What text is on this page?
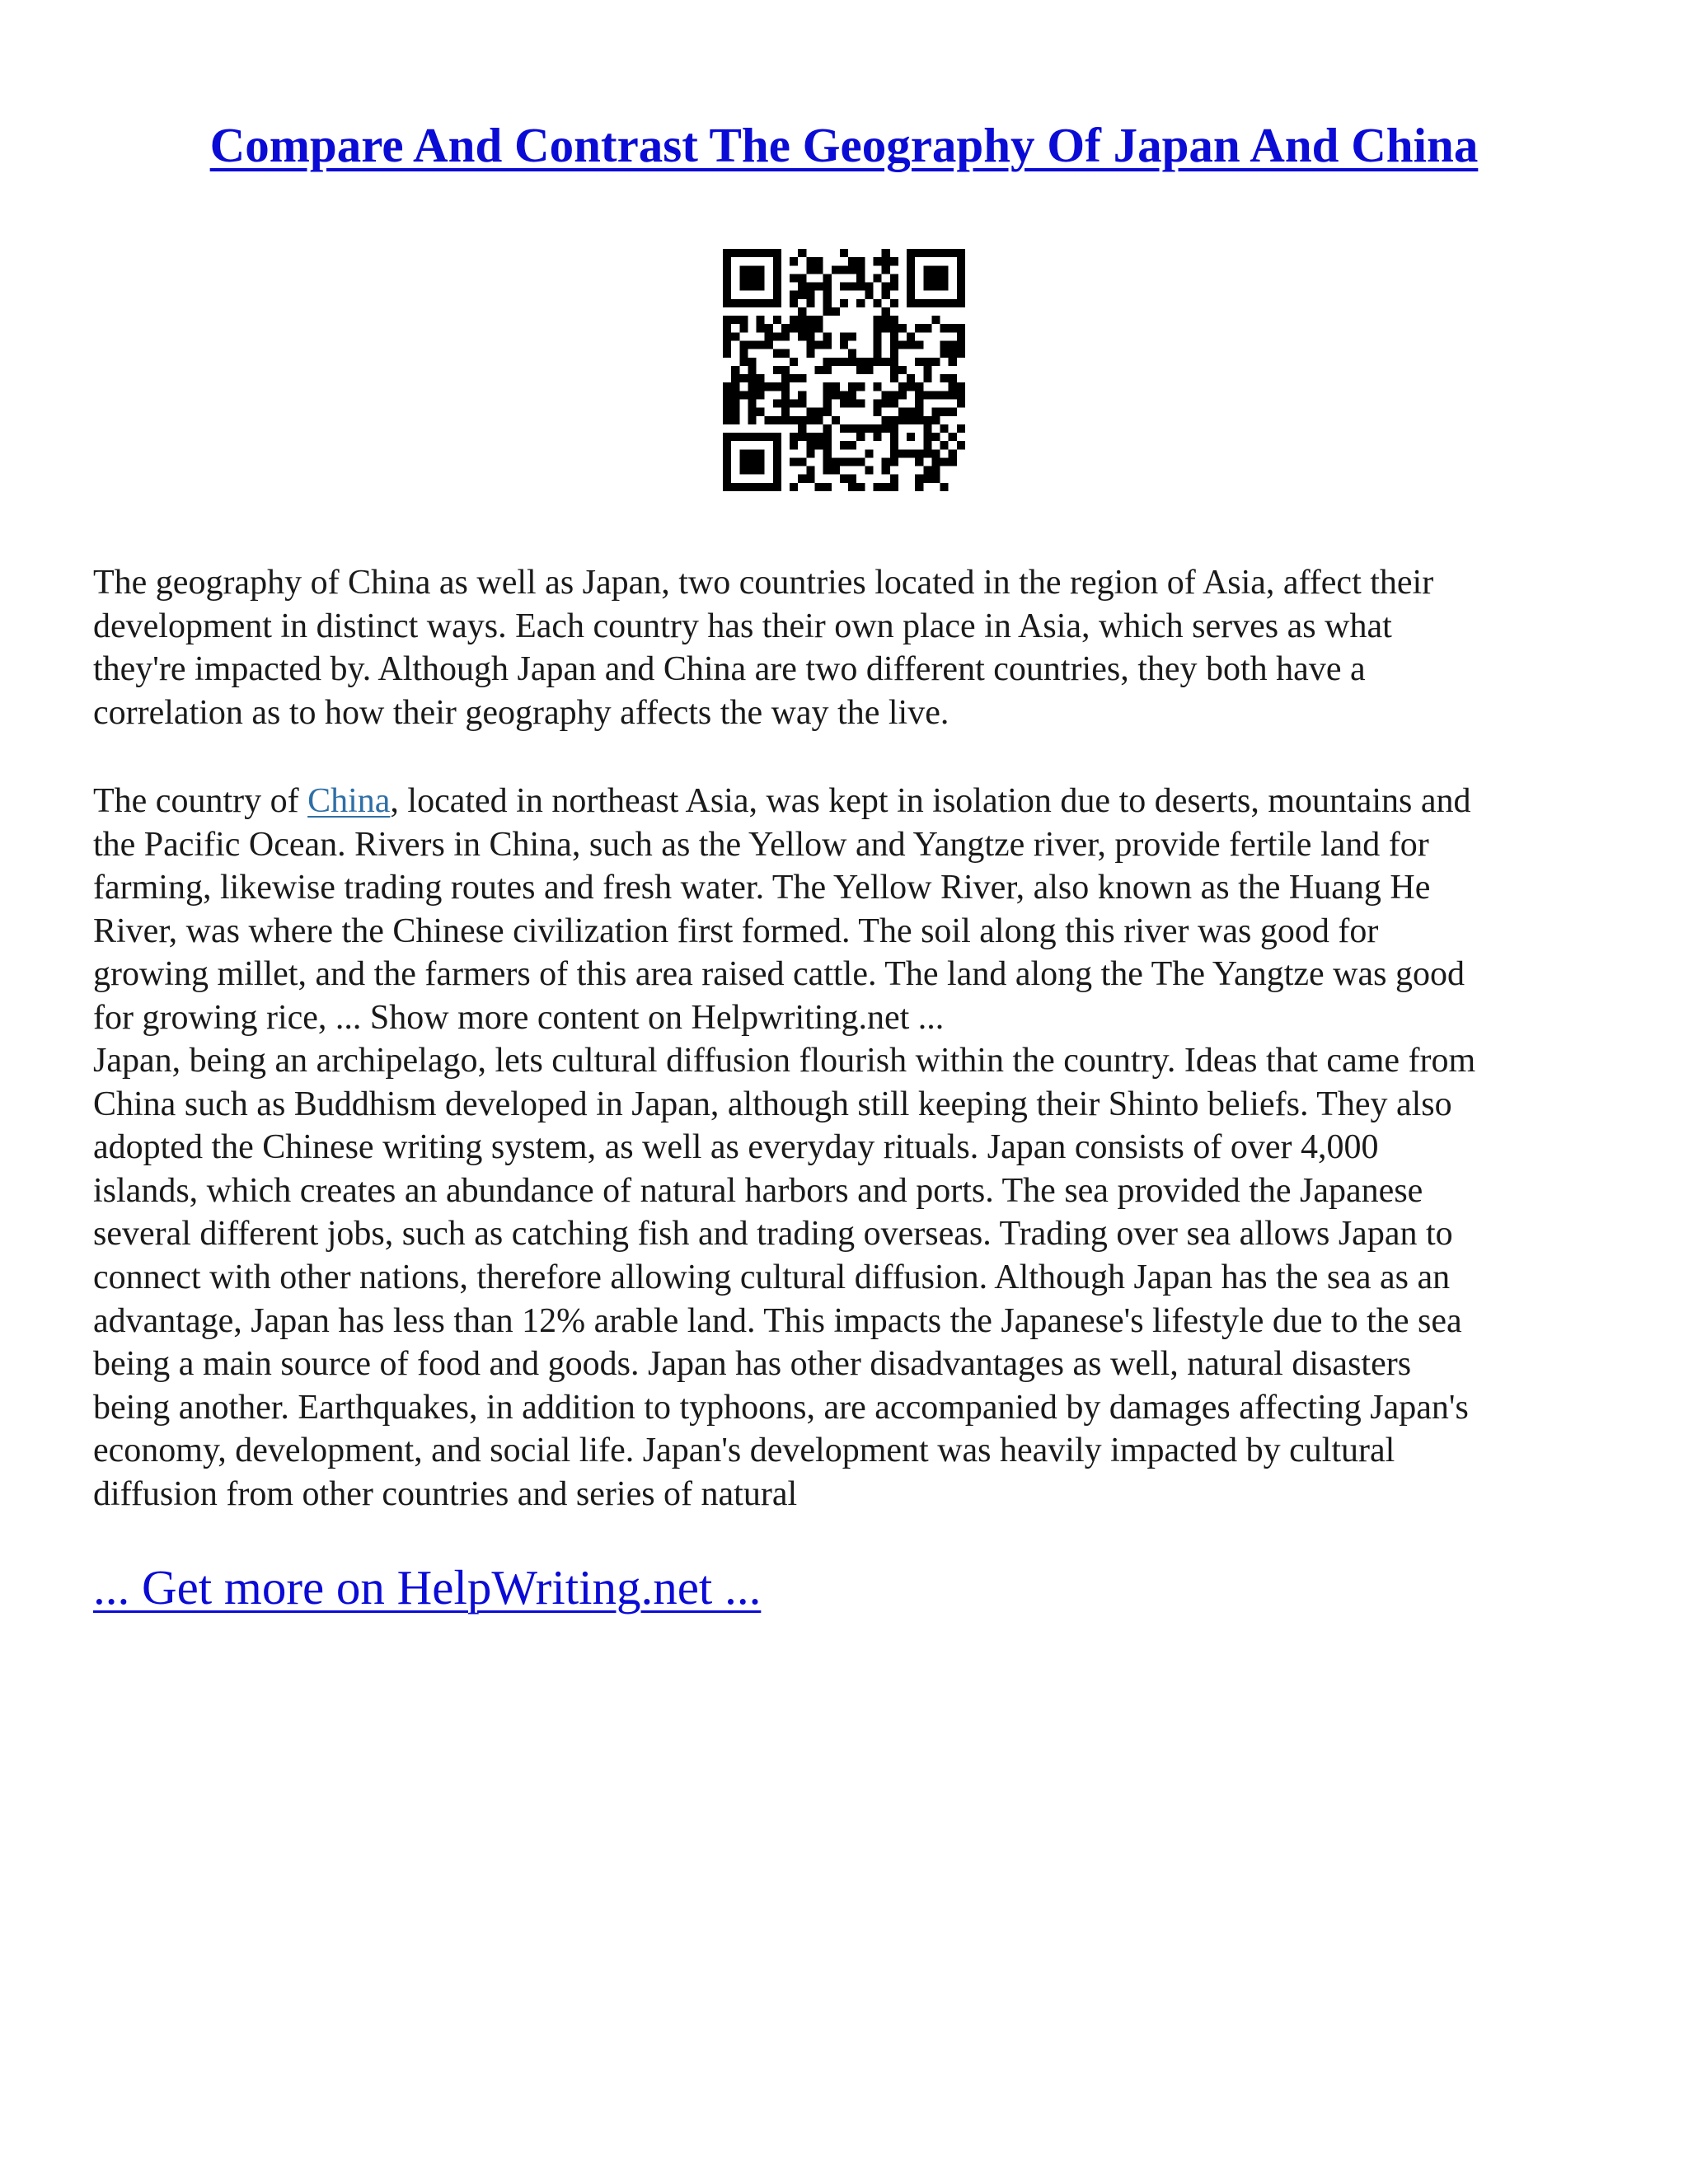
Compare And Contrast The Geography Of Japan And China

The geography of China as well as Japan, two countries located in the region of Asia, affect their
development in distinct ways. Each country has their own place in Asia, which serves as what
they're impacted by. Although Japan and China are two different countries, they both have a
correlation as to how their geography affects the way the live.

The country of China, located in northeast Asia, was kept in isolation due to deserts, mountains and
the Pacific Ocean. Rivers in China, such as the Yellow and Yangtze river, provide fertile land for
farming, likewise trading routes and fresh water. The Yellow River, also known as the Huang He
River, was where the Chinese civilization first formed. The soil along this river was good for
growing millet, and the farmers of this area raised cattle. The land along the The Yangtze was good
for growing rice, ... Show more content on Helpwriting.net ...

Japan, being an archipelago, lets cultural diffusion flourish within the country. Ideas that came from
China such as Buddhism developed in Japan, although still keeping their Shinto beliefs. They also
adopted the Chinese writing system, as well as everyday rituals. Japan consists of over 4,000
islands, which creates an abundance of natural harbors and ports. The sea provided the Japanese
several different jobs, such as catching fish and trading overseas. Trading over sea allows Japan to
connect with other nations, therefore allowing cultural diffusion. Although Japan has the sea as an
advantage, Japan has less than 12% arable land. This impacts the Japanese's lifestyle due to the sea
being a main source of food and goods. Japan has other disadvantages as well, natural disasters
being another. Earthquakes, in addition to typhoons, are accompanied by damages affecting Japan's
economy, development, and social life. Japan's development was heavily impacted by cultural
diffusion from other countries and series of natural

... Get more on HelpWriting.net ...
